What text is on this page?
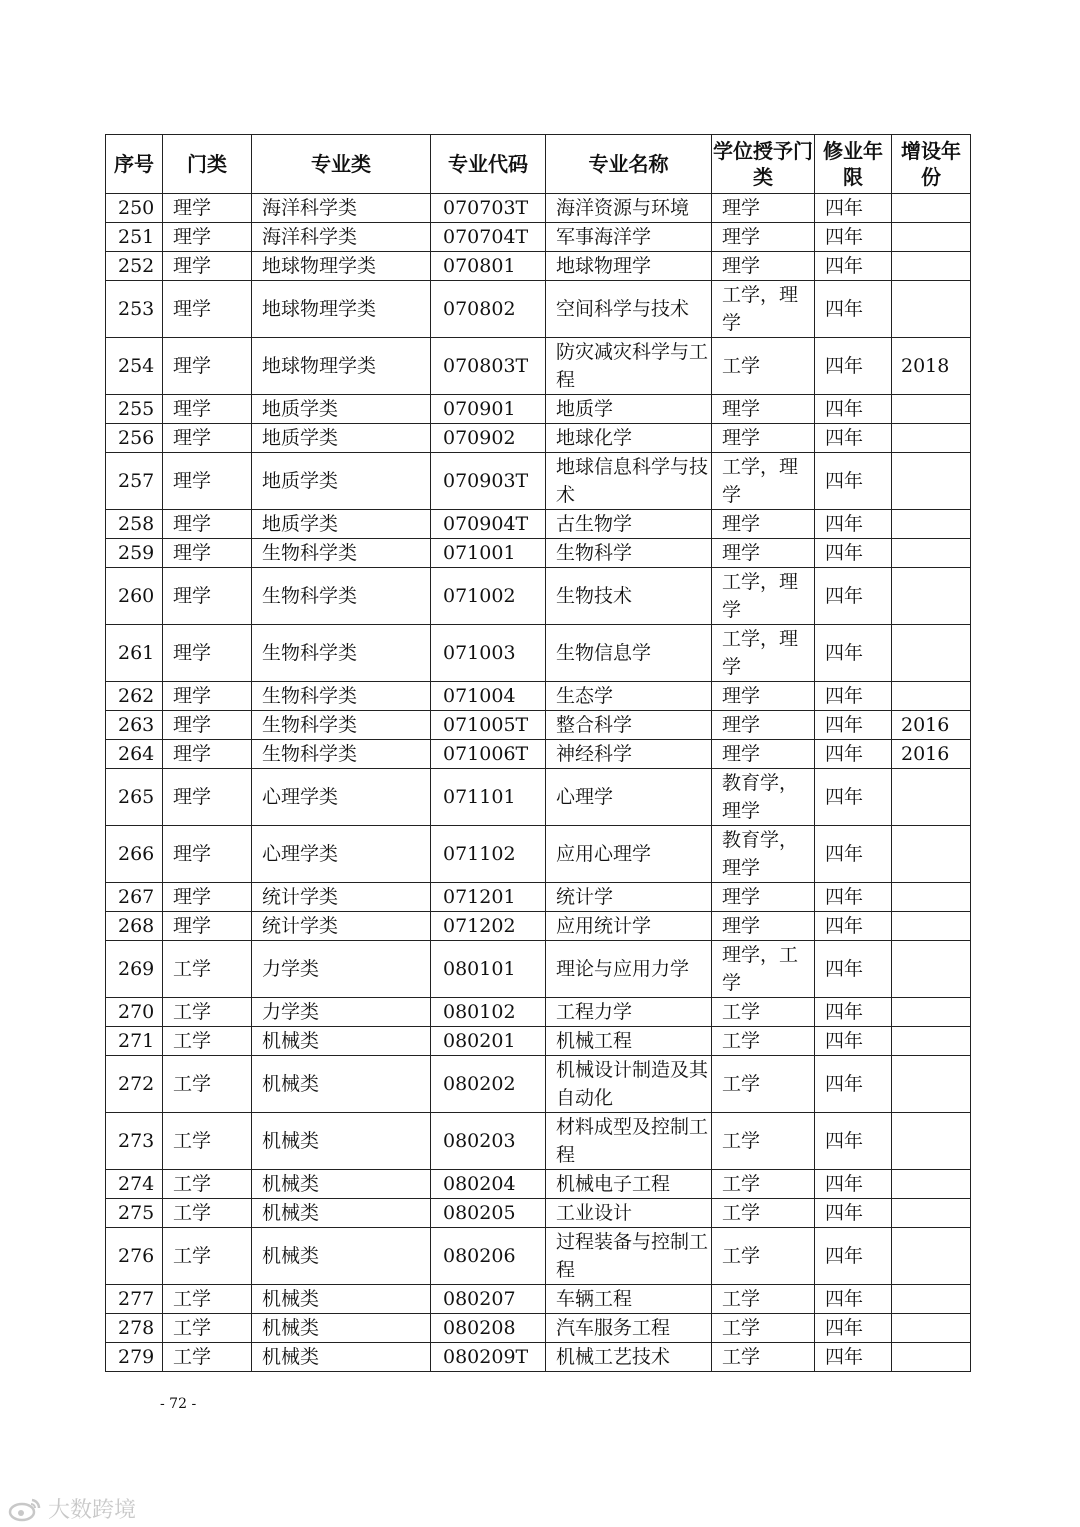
序号	门类	专业类	专业代码	专业名称	学位授予门类	修业年限	增设年份
250	理学	海洋科学类	070703T	海洋资源与环境	理学	四年	
251	理学	海洋科学类	070704T	军事海洋学	理学	四年	
252	理学	地球物理学类	070801	地球物理学	理学	四年	
253	理学	地球物理学类	070802	空间科学与技术	工学，理学	四年	
254	理学	地球物理学类	070803T	防灾减灾科学与工程	工学	四年	2018
255	理学	地质学类	070901	地质学	理学	四年	
256	理学	地质学类	070902	地球化学	理学	四年	
257	理学	地质学类	070903T	地球信息科学与技术	工学，理学	四年	
258	理学	地质学类	070904T	古生物学	理学	四年	
259	理学	生物科学类	071001	生物科学	理学	四年	
260	理学	生物科学类	071002	生物技术	工学，理学	四年	
261	理学	生物科学类	071003	生物信息学	工学，理学	四年	
262	理学	生物科学类	071004	生态学	理学	四年	
263	理学	生物科学类	071005T	整合科学	理学	四年	2016
264	理学	生物科学类	071006T	神经科学	理学	四年	2016
265	理学	心理学类	071101	心理学	教育学，理学	四年	
266	理学	心理学类	071102	应用心理学	教育学，理学	四年	
267	理学	统计学类	071201	统计学	理学	四年	
268	理学	统计学类	071202	应用统计学	理学	四年	
269	工学	力学类	080101	理论与应用力学	理学，工学	四年	
270	工学	力学类	080102	工程力学	工学	四年	
271	工学	机械类	080201	机械工程	工学	四年	
272	工学	机械类	080202	机械设计制造及其自动化	工学	四年	
273	工学	机械类	080203	材料成型及控制工程	工学	四年	
274	工学	机械类	080204	机械电子工程	工学	四年	
275	工学	机械类	080205	工业设计	工学	四年	
276	工学	机械类	080206	过程装备与控制工程	工学	四年	
277	工学	机械类	080207	车辆工程	工学	四年	
278	工学	机械类	080208	汽车服务工程	工学	四年	
279	工学	机械类	080209T	机械工艺技术	工学	四年	
- 72 -
大数跨境
